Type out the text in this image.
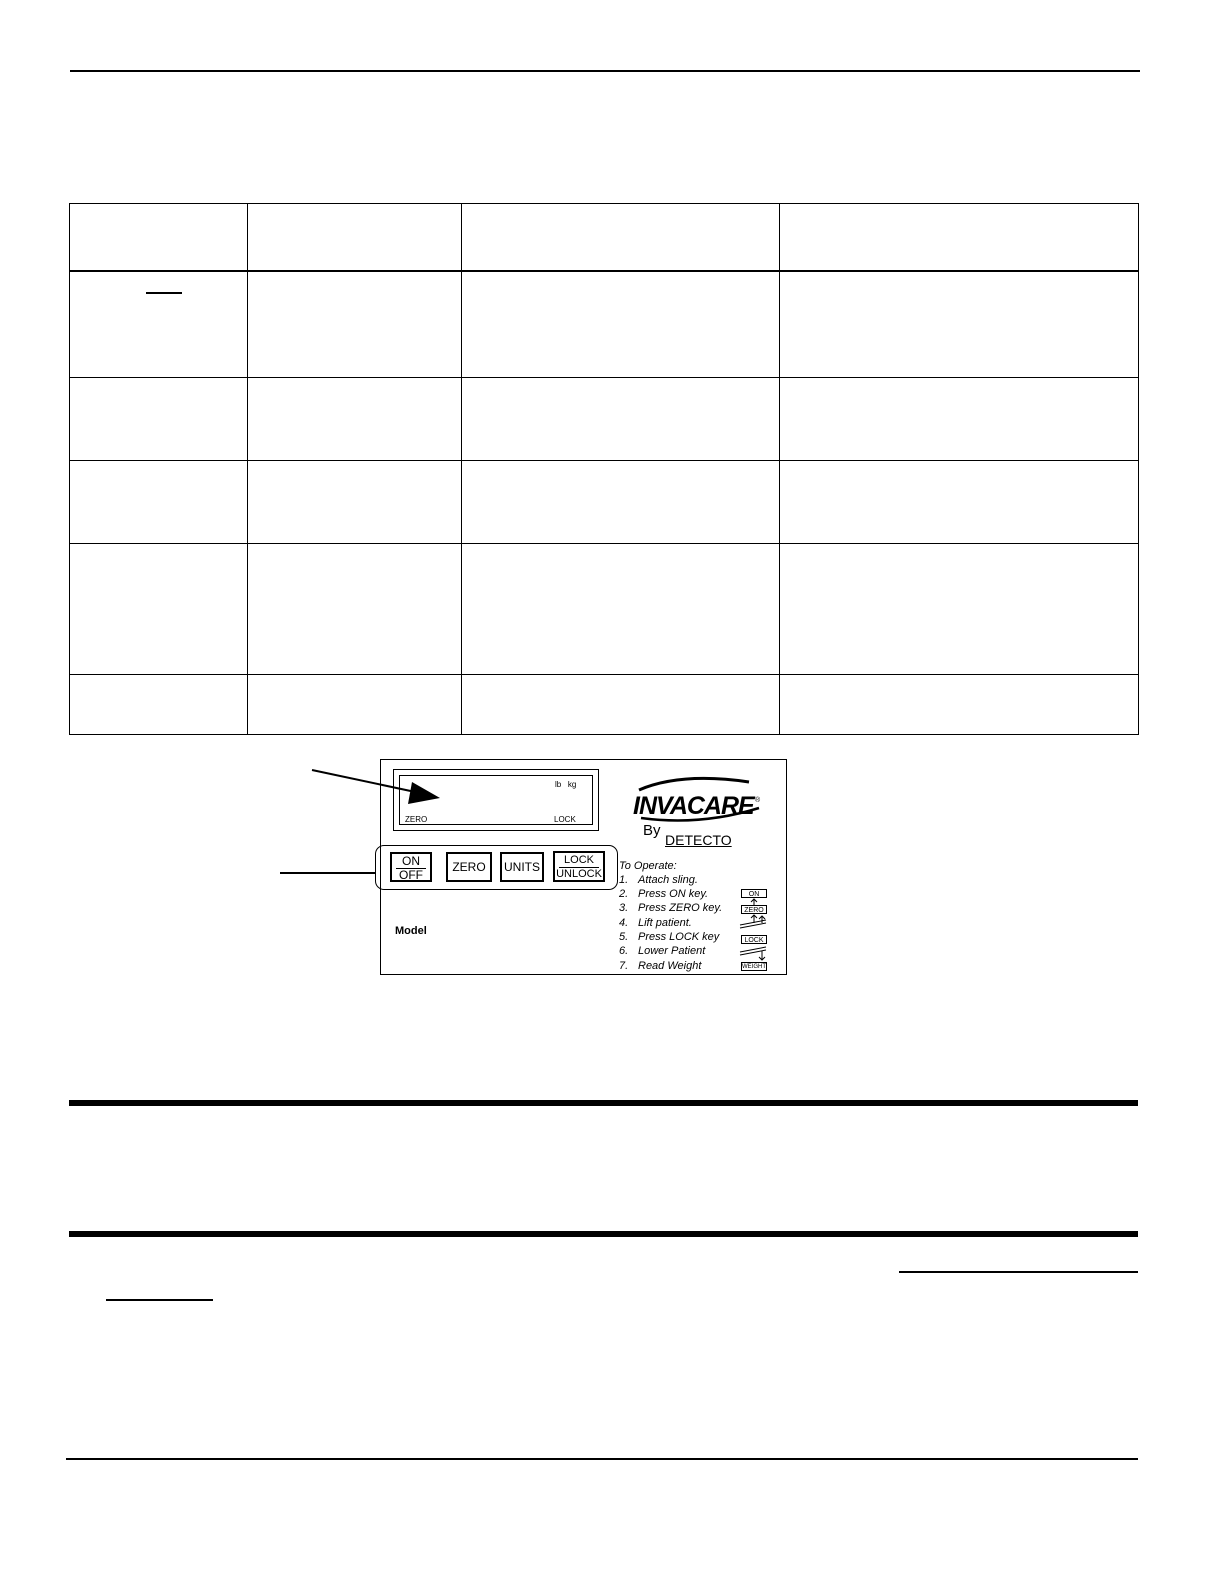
lb   kg
ZERO	LOCK
ON
OFF
ZERO	UNITS	LOCK
UNLOCK
INVACARE ®
By
DETECTO
To Operate:
1. Attach sling.
2. Press ON key.
3. Press ZERO key.
4. Lift patient.
5. Press LOCK key
6. Lower Patient
7. Read Weight
ON
ZERO
LOCK
WEIGHT
Model
